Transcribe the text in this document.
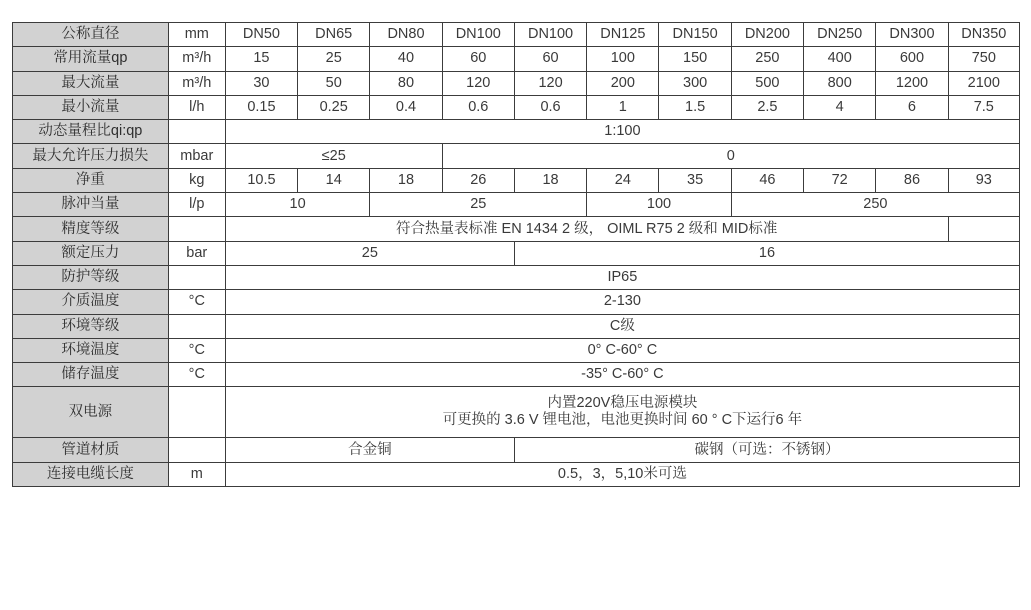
公称直径	mm	DN50	DN65	DN80	DN100	DN100	DN125	DN150	DN200	DN250	DN300	DN350
常用流量qp	m³/h	15	25	40	60	60	100	150	250	400	600	750
最大流量	m³/h	30	50	80	120	120	200	300	500	800	1200	2100
最小流量	l/h	0.15	0.25	0.4	0.6	0.6	1	1.5	2.5	4	6	7.5
动态量程比qi:qp		1:100										
最大允许压力损失	mbar	≤25			0							
净重	kg	10.5	14	18	26	18	24	35	46	72	86	93
脉冲当量	l/p	10		25			100		250			
精度等级		符合热量表标准 EN 1434 2 级， OIML R75 2 级和 MID标准										
额定压力	bar	25				16						
防护等级		IP65										
介质温度	°C	2-130										
环境等级		C级										
环境温度	°C	0° C-60° C										
储存温度	°C	-35° C-60° C										
双电源		内置220V稳压电源模块
可更换的 3.6 V 锂电池，电池更换时间 60 ° C下运行6 年										

管道材质		合金铜				碳钢（可选：不锈钢）						
连接电缆长度	m	0.5，3，5,10米可选										
